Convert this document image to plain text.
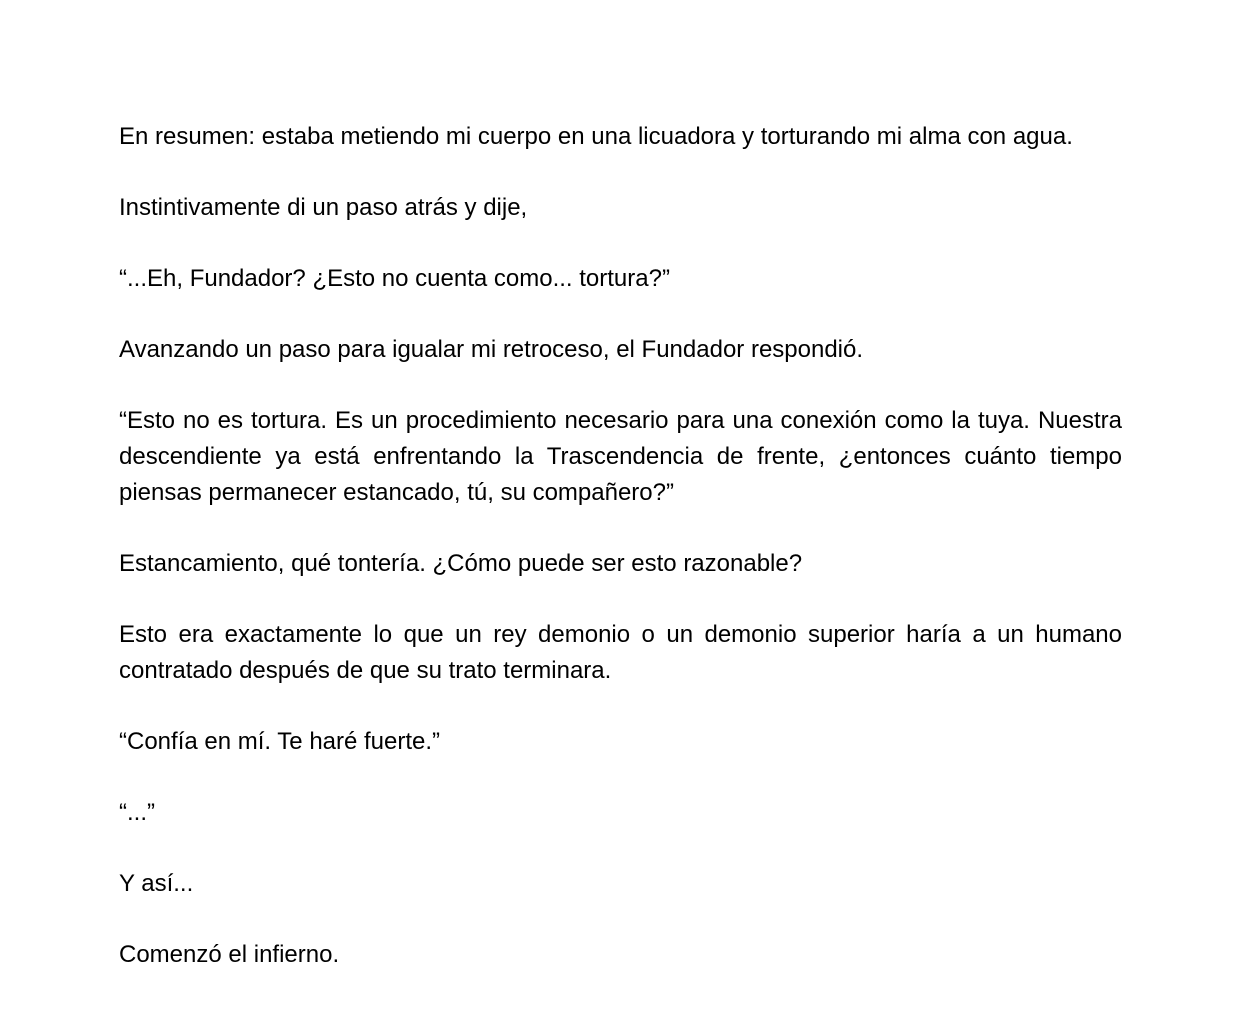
En resumen: estaba metiendo mi cuerpo en una licuadora y torturando mi alma con agua.

Instintivamente di un paso atrás y dije,

“...Eh, Fundador? ¿Esto no cuenta como... tortura?”

Avanzando un paso para igualar mi retroceso, el Fundador respondió.

“Esto no es tortura. Es un procedimiento necesario para una conexión como la tuya. Nuestra descendiente ya está enfrentando la Trascendencia de frente, ¿entonces cuánto tiempo piensas permanecer estancado, tú, su compañero?”

Estancamiento, qué tontería. ¿Cómo puede ser esto razonable?

Esto era exactamente lo que un rey demonio o un demonio superior haría a un humano contratado después de que su trato terminara.

“Confía en mí. Te haré fuerte.”

“...”

Y así...

Comenzó el infierno.
